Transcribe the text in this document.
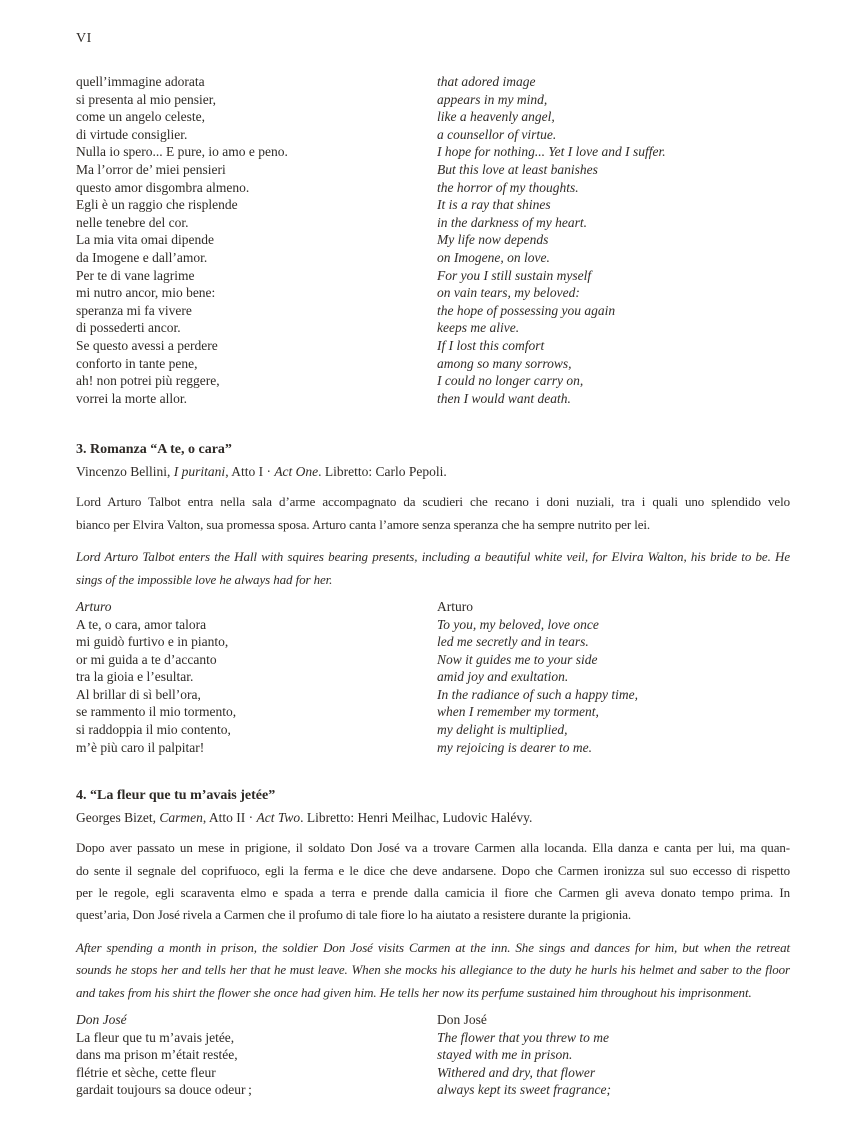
VI
quell’immagine adorata
si presenta al mio pensier,
come un angelo celeste,
di virtude consiglier.
Nulla io spero... E pure, io amo e peno.
Ma l’orror de’ miei pensieri
questo amor disgombra almeno.
Egli è un raggio che risplende
nelle tenebre del cor.
La mia vita omai dipende
da Imogene e dall’amor.
Per te di vane lagrime
mi nutro ancor, mio bene:
speranza mi fa vivere
di possederti ancor.
Se questo avessi a perdere
conforto in tante pene,
ah! non potrei più reggere,
vorrei la morte allor.
that adored image
appears in my mind,
like a heavenly angel,
a counsellor of virtue.
I hope for nothing... Yet I love and I suffer.
But this love at least banishes
the horror of my thoughts.
It is a ray that shines
in the darkness of my heart.
My life now depends
on Imogene, on love.
For you I still sustain myself
on vain tears, my beloved:
the hope of possessing you again
keeps me alive.
If I lost this comfort
among so many sorrows,
I could no longer carry on,
then I would want death.
3. Romanza “A te, o cara”
Vincenzo Bellini, I puritani, Atto I · Act One. Libretto: Carlo Pepoli.
Lord Arturo Talbot entra nella sala d’arme accompagnato da scudieri che recano i doni nuziali, tra i quali uno splendido velo
bianco per Elvira Valton, sua promessa sposa. Arturo canta l’amore senza speranza che ha sempre nutrito per lei.
Lord Arturo Talbot enters the Hall with squires bearing presents, including a beautiful white veil, for Elvira Walton, his bride to be. He
sings of the impossible love he always had for her.
Arturo	Arturo
A te, o cara, amor talora
mi guidò furtivo e in pianto,
or mi guida a te d’accanto
tra la gioia e l’esultar.
Al brillar di sì bell’ora,
se rammento il mio tormento,
si raddoppia il mio contento,
m’è più caro il palpitar!
To you, my beloved, love once
led me secretly and in tears.
Now it guides me to your side
amid joy and exultation.
In the radiance of such a happy time,
when I remember my torment,
my delight is multiplied,
my rejoicing is dearer to me.
4. “La fleur que tu m’avais jetée”
Georges Bizet, Carmen, Atto II · Act Two. Libretto: Henri Meilhac, Ludovic Halévy.
Dopo aver passato un mese in prigione, il soldato Don José va a trovare Carmen alla locanda. Ella danza e canta per lui, ma quan-
do sente il segnale del coprifuoco, egli la ferma e le dice che deve andarsene. Dopo che Carmen ironizza sul suo eccesso di rispetto
per le regole, egli scaraventa elmo e spada a terra e prende dalla camicia il fiore che Carmen gli aveva donato tempo prima. In
quest’aria, Don José rivela a Carmen che il profumo di tale fiore lo ha aiutato a resistere durante la prigionia.
After spending a month in prison, the soldier Don José visits Carmen at the inn. She sings and dances for him, but when the retreat
sounds he stops her and tells her that he must leave. When she mocks his allegiance to the duty he hurls his helmet and saber to the floor
and takes from his shirt the flower she once had given him. He tells her now its perfume sustained him throughout his imprisonment.
Don José	Don José
La fleur que tu m’avais jetée,
dans ma prison m’était restée,
flétrie et sèche, cette fleur
gardait toujours sa douce odeur ;
The flower that you threw to me
stayed with me in prison.
Withered and dry, that flower
always kept its sweet fragrance;
